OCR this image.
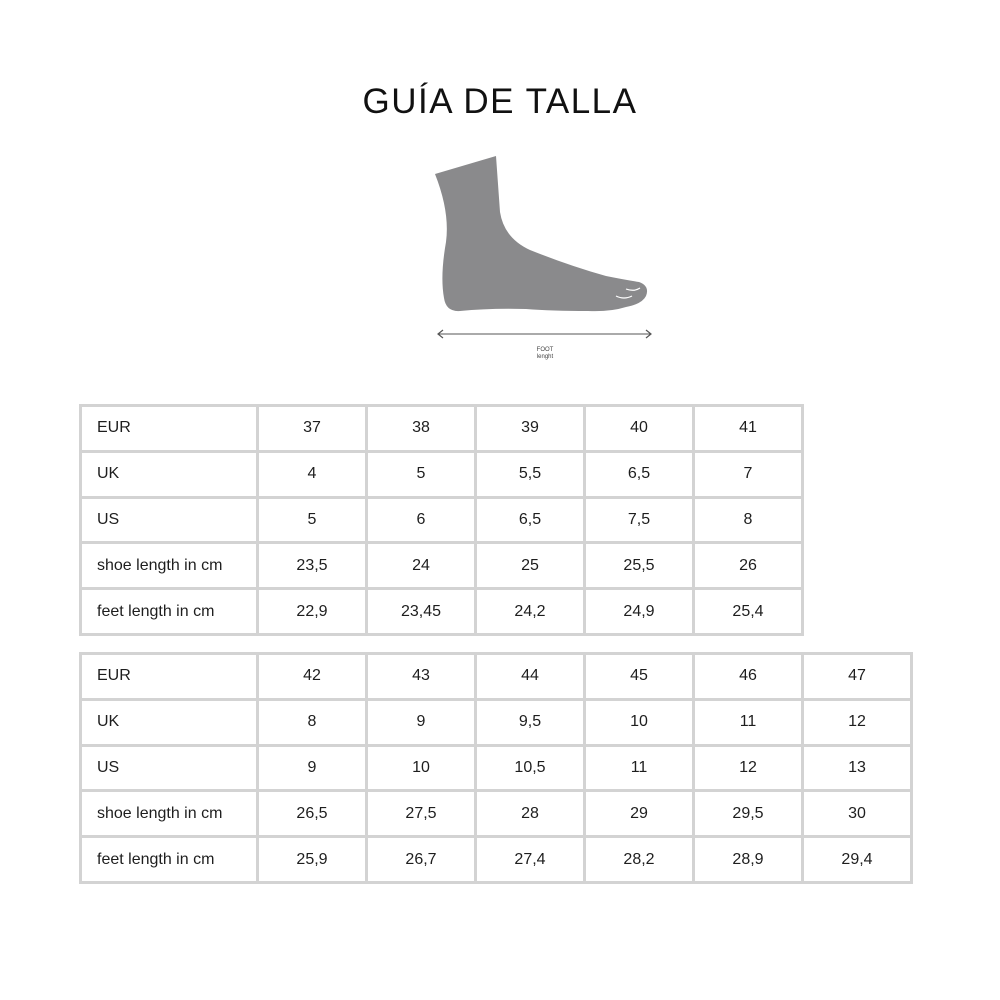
GUÍA DE TALLA
FOOT
lenght
EUR	37	38	39	40	41
UK	4	5	5,5	6,5	7
US	5	6	6,5	7,5	8
shoe length in cm	23,5	24	25	25,5	26
feet length in cm	22,9	23,45	24,2	24,9	25,4
EUR	42	43	44	45	46	47
UK	8	9	9,5	10	11	12
US	9	10	10,5	11	12	13
shoe length in cm	26,5	27,5	28	29	29,5	30
feet length in cm	25,9	26,7	27,4	28,2	28,9	29,4
